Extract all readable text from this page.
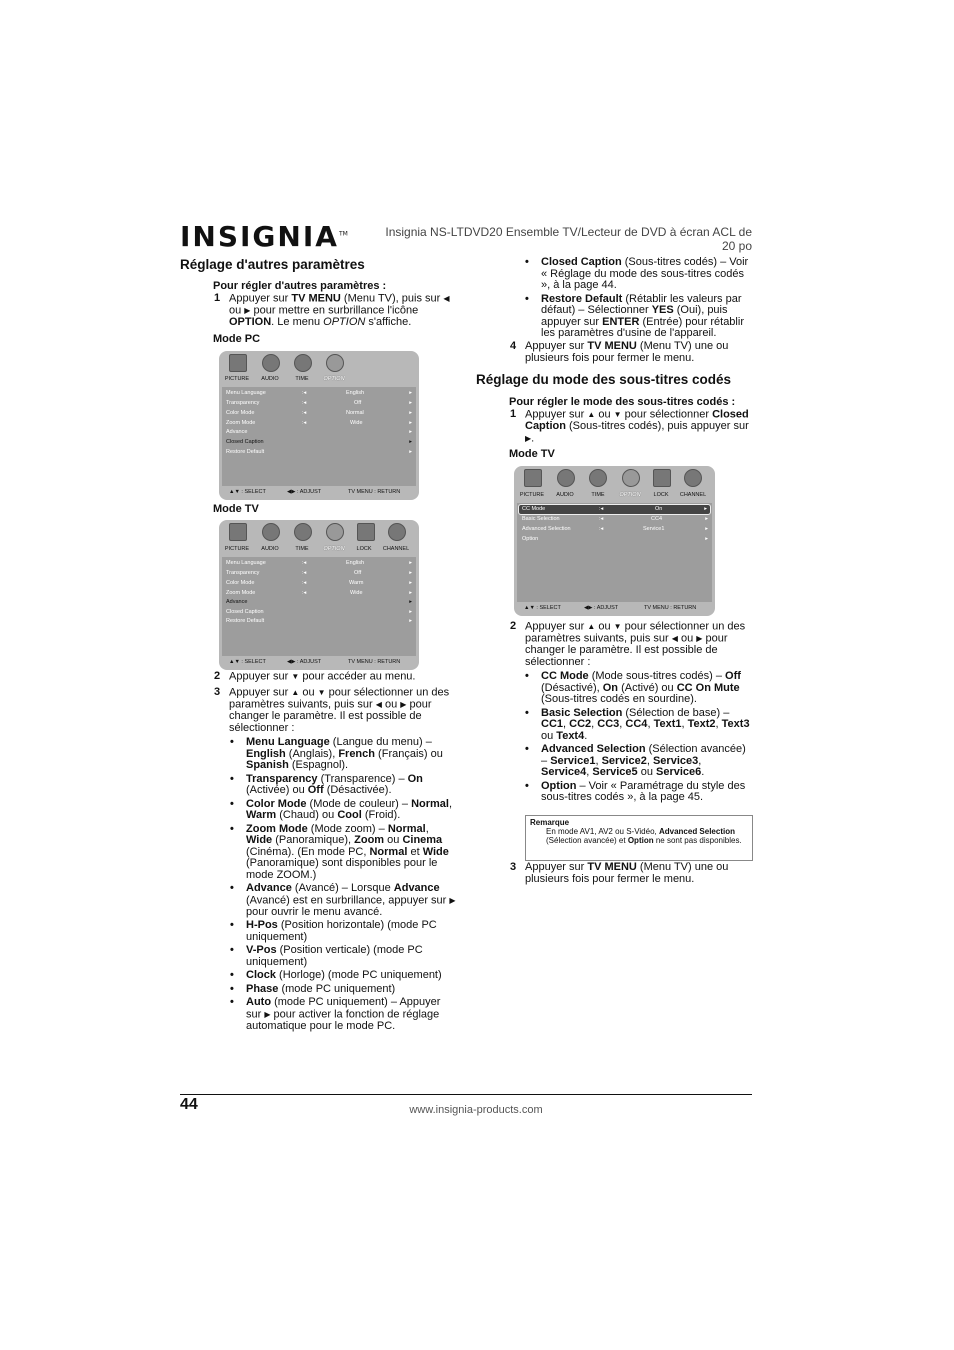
INSIGNIA™	Insignia NS-LTDVD20 Ensemble TV/Lecteur de DVD à écran ACL de 20 po
Réglage d'autres paramètres
Pour régler d'autres paramètres :
1 Appuyer sur TV MENU (Menu TV), puis sur ◀ ou ▶ pour mettre en surbrillance l'icône OPTION. Le menu OPTION s'affiche.
Mode PC
PICTURE AUDIO	TIME	OPTION
Menu Language	:◂	English	▸
Transparency	:◂	Off	▸
Color Mode	:◂	Normal	▸
Zoom Mode	:◂	Wide	▸
Advance	▸
Closed Caption	▸
Restore Default	▸
▲▼ : SELECT	◀▶ : ADJUST	TV MENU : RETURN
Mode TV
PICTURE AUDIO	TIME	OPTION LOCK CHANNEL
Menu Language	:◂	English	▸
Transparency	:◂	Off	▸
Color Mode	:◂	Warm	▸
Zoom Mode	:◂	Wide	▸
Advance	▸
Closed Caption	▸
Restore Default	▸
▲▼ : SELECT	◀▶ : ADJUST	TV MENU : RETURN
2 Appuyer sur ▼ pour accéder au menu.
3 Appuyer sur ▲ ou ▼ pour sélectionner un des paramètres suivants, puis sur ◀ ou ▶ pour changer le paramètre. Il est possible de sélectionner :
• Menu Language (Langue du menu) – English (Anglais), French (Français) ou Spanish (Espagnol).
• Transparency (Transparence) – On (Activée) ou Off (Désactivée).
• Color Mode (Mode de couleur) – Normal, Warm (Chaud) ou Cool (Froid).
• Zoom Mode (Mode zoom) – Normal, Wide (Panoramique), Zoom ou Cinema (Cinéma). (En mode PC, Normal et Wide (Panoramique) sont disponibles pour le mode ZOOM.)
• Advance (Avancé) – Lorsque Advance (Avancé) est en surbrillance, appuyer sur ▶ pour ouvrir le menu avancé.
• H-Pos (Position horizontale) (mode PC uniquement)
• V-Pos (Position verticale) (mode PC uniquement)
• Clock (Horloge) (mode PC uniquement)
• Phase (mode PC uniquement)
• Auto (mode PC uniquement) – Appuyer sur ▶ pour activer la fonction de réglage automatique pour le mode PC.
• Closed Caption (Sous-titres codés) – Voir « Réglage du mode des sous-titres codés », à la page 44.
• Restore Default (Rétablir les valeurs par défaut) – Sélectionner YES (Oui), puis appuyer sur ENTER (Entrée) pour rétablir les paramètres d'usine de l'appareil.
4 Appuyer sur TV MENU (Menu TV) une ou plusieurs fois pour fermer le menu.
Réglage du mode des sous-titres codés
Pour régler le mode des sous-titres codés :
1 Appuyer sur ▲ ou ▼ pour sélectionner Closed Caption (Sous-titres codés), puis appuyer sur ▶.
Mode TV
PICTURE AUDIO	TIME	OPTION LOCK CHANNEL
CC Mode	:◂	On	▸
Basic Selection	:◂	CC4	▸
Advanced Selection	:◂	Service1	▸
Option	▸
▲▼ : SELECT	◀▶ : ADJUST	TV MENU : RETURN
2 Appuyer sur ▲ ou ▼ pour sélectionner un des paramètres suivants, puis sur ◀ ou ▶ pour changer le paramètre. Il est possible de sélectionner :
• CC Mode (Mode sous-titres codés) – Off (Désactivé), On (Activé) ou CC On Mute (Sous-titres codés en sourdine).
• Basic Selection (Sélection de base) – CC1, CC2, CC3, CC4, Text1, Text2, Text3 ou Text4.
• Advanced Selection (Sélection avancée) – Service1, Service2, Service3, Service4, Service5 ou Service6.
• Option – Voir « Paramétrage du style des sous-titres codés », à la page 45.
Remarque
En mode AV1, AV2 ou S-Vidéo, Advanced Selection (Sélection avancée) et Option ne sont pas disponibles.
3 Appuyer sur TV MENU (Menu TV) une ou plusieurs fois pour fermer le menu.
44	www.insignia-products.com
